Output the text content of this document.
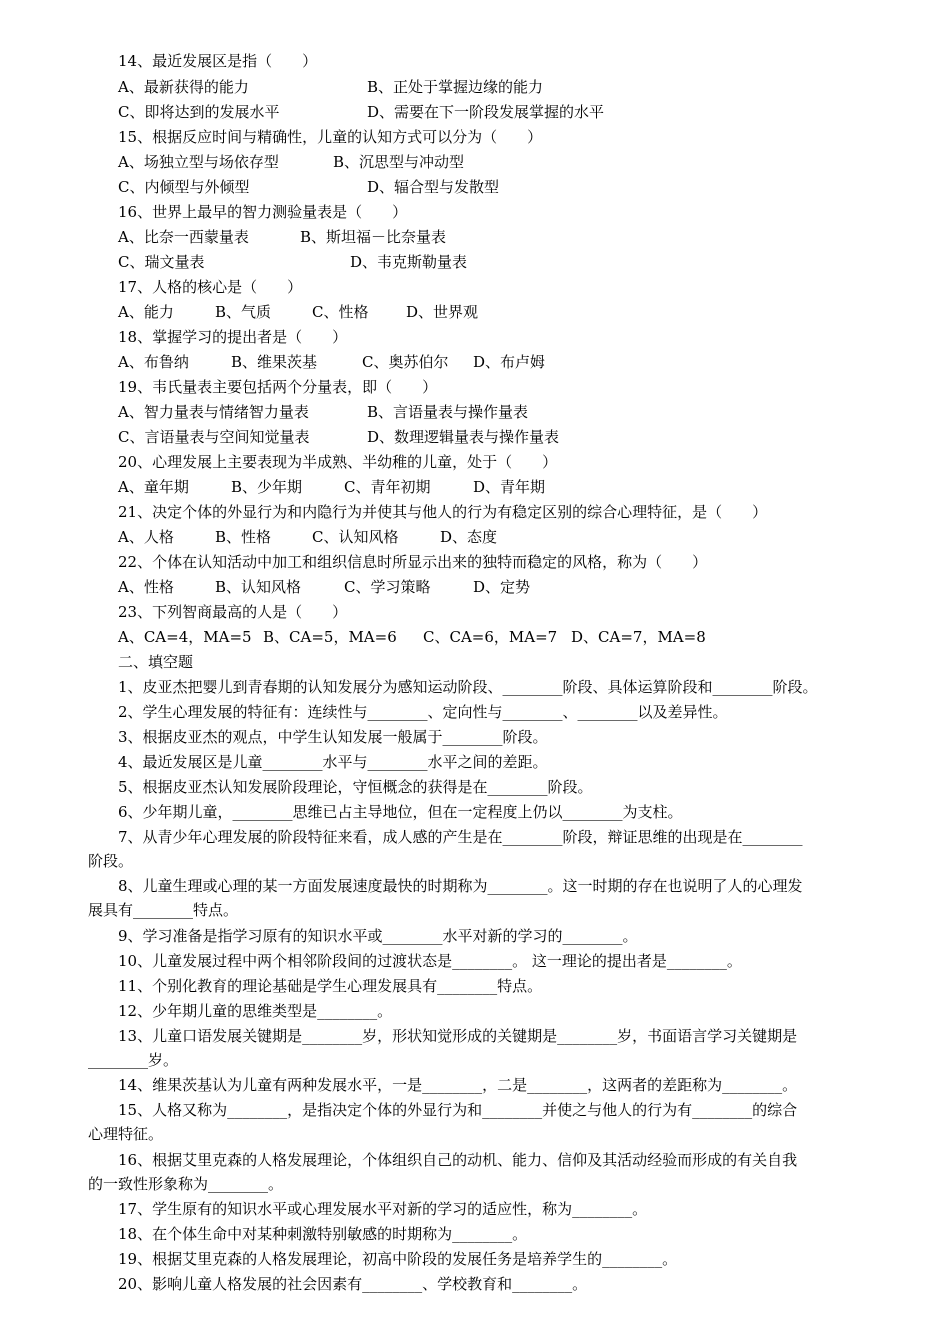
14、最近发展区是指（　　）
A、最新获得的能力	B、正处于掌握边缘的能力
C、即将达到的发展水平	D、需要在下一阶段发展掌握的水平
15、根据反应时间与精确性，儿童的认知方式可以分为（　　）
A、场独立型与场依存型	B、沉思型与冲动型
C、内倾型与外倾型	D、辐合型与发散型
16、世界上最早的智力测验量表是（　　）
A、比奈一西蒙量表	B、斯坦福－比奈量表
C、瑞文量表	D、韦克斯勒量表
17、人格的核心是（　　）
A、能力	B、气质	C、性格	D、世界观
18、掌握学习的提出者是（　　）
A、布鲁纳	B、维果茨基	C、奥苏伯尔 D、布卢姆
19、韦氏量表主要包括两个分量表，即（　　）
A、智力量表与情绪智力量表	B、言语量表与操作量表
C、言语量表与空间知觉量表	D、数理逻辑量表与操作量表
20、心理发展上主要表现为半成熟、半幼稚的儿童，处于（　　）
A、童年期	B、少年期	C、青年初期	D、青年期
21、决定个体的外显行为和内隐行为并使其与他人的行为有稳定区别的综合心理特征，是（　　）
A、人格	B、性格	C、认知风格	D、态度
22、个体在认知活动中加工和组织信息时所显示出来的独特而稳定的风格，称为（　　）
A、性格	B、认知风格	C、学习策略	D、定势
23、下列智商最高的人是（　　）
A、CA=4，MA=5 B、CA=5，MA=6 C、CA=6，MA=7 D、CA=7，MA=8
二、填空题
1、皮亚杰把婴儿到青春期的认知发展分为感知运动阶段、________阶段、具体运算阶段和________阶段。
2、学生心理发展的特征有：连续性与________、定向性与________、________以及差异性。
3、根据皮亚杰的观点，中学生认知发展一般属于________阶段。
4、最近发展区是儿童________水平与________水平之间的差距。
5、根据皮亚杰认知发展阶段理论，守恒概念的获得是在________阶段。
6、少年期儿童，________思维已占主导地位，但在一定程度上仍以________为支柱。
7、从青少年心理发展的阶段特征来看，成人感的产生是在________阶段，辩证思维的出现是在________
阶段。
8、儿童生理或心理的某一方面发展速度最快的时期称为________。这一时期的存在也说明了人的心理发
展具有________特点。
9、学习准备是指学习原有的知识水平或________水平对新的学习的________。
10、儿童发展过程中两个相邻阶段间的过渡状态是________。 这一理论的提出者是________。
11、个别化教育的理论基础是学生心理发展具有________特点。
12、少年期儿童的思维类型是________。
13、儿童口语发展关键期是________岁，形状知觉形成的关键期是________岁，书面语言学习关键期是
________岁。
14、维果茨基认为儿童有两种发展水平，一是________，二是________，这两者的差距称为________。
15、人格又称为________，是指决定个体的外显行为和________并使之与他人的行为有________的综合
心理特征。
16、根据艾里克森的人格发展理论，个体组织自己的动机、能力、信仰及其活动经验而形成的有关自我
的一致性形象称为________。
17、学生原有的知识水平或心理发展水平对新的学习的适应性，称为________。
18、在个体生命中对某种刺激特别敏感的时期称为________。
19、根据艾里克森的人格发展理论，初高中阶段的发展任务是培养学生的________。
20、影响儿童人格发展的社会因素有________、学校教育和________。
